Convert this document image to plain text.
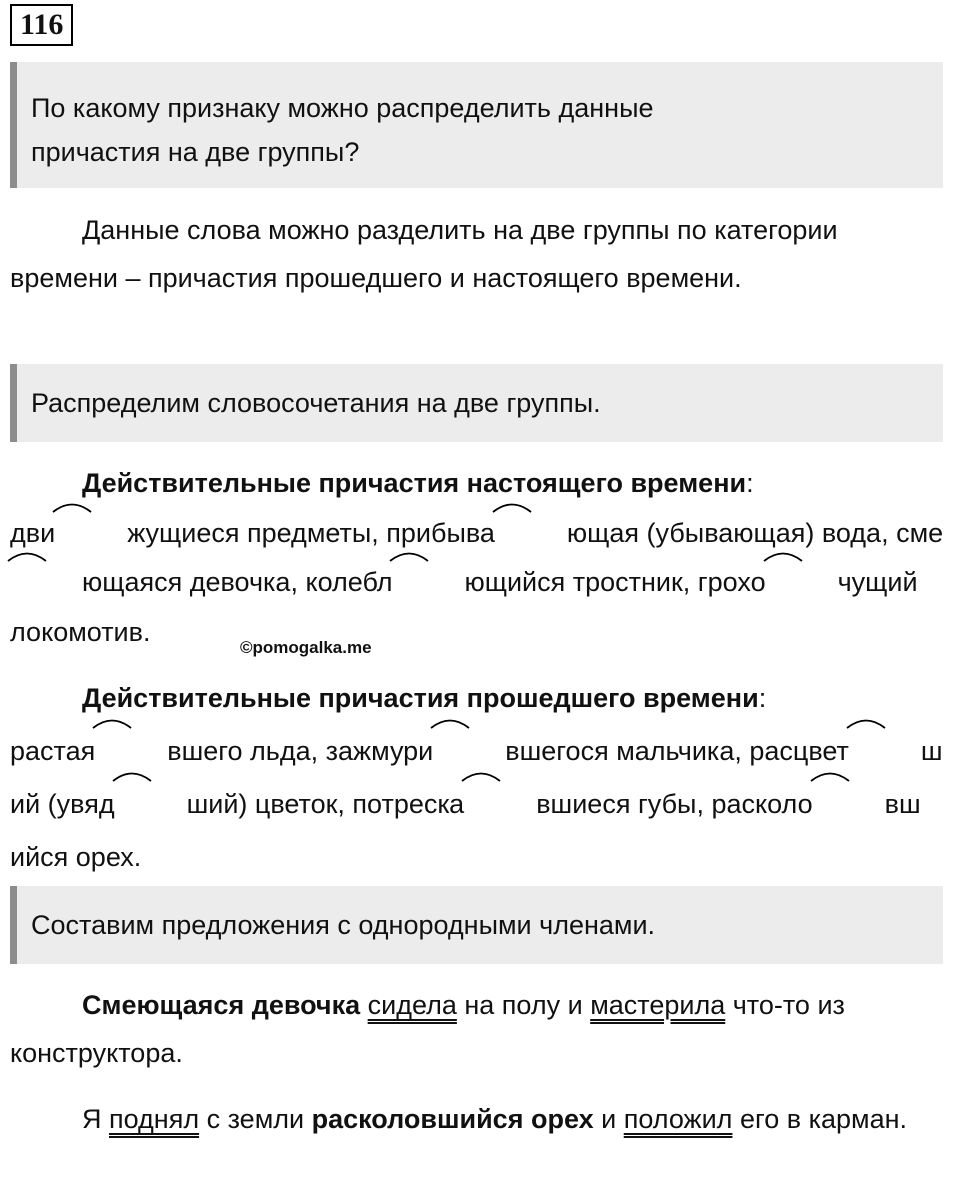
116
По какому признаку можно распределить данные
причастия на две группы?
Данные слова можно разделить на две группы по категории времени – причастия прошедшего и настоящего времени.
Распределим словосочетания на две группы.
Действительные причастия настоящего времени:
дви	жущиеся предметы, прибыва	ющая (убывающая) вода, сме
ющаяся девочка, колебл	ющийся тростник, грохо	чущий локомотив.
©pomogalka.me
Действительные причастия прошедшего времени:
растая	вшего льда, зажмури	вшегося мальчика, расцвет	ший (увяд	ший) цветок, потрескa	вшиеся губы, расколо	вшийся орех.
Составим предложения с однородными членами.
Смеющаяся девочка сидела на полу и мастерила что-то из конструктора.
Я поднял с земли расколовшийся орех и положил его в карман.
